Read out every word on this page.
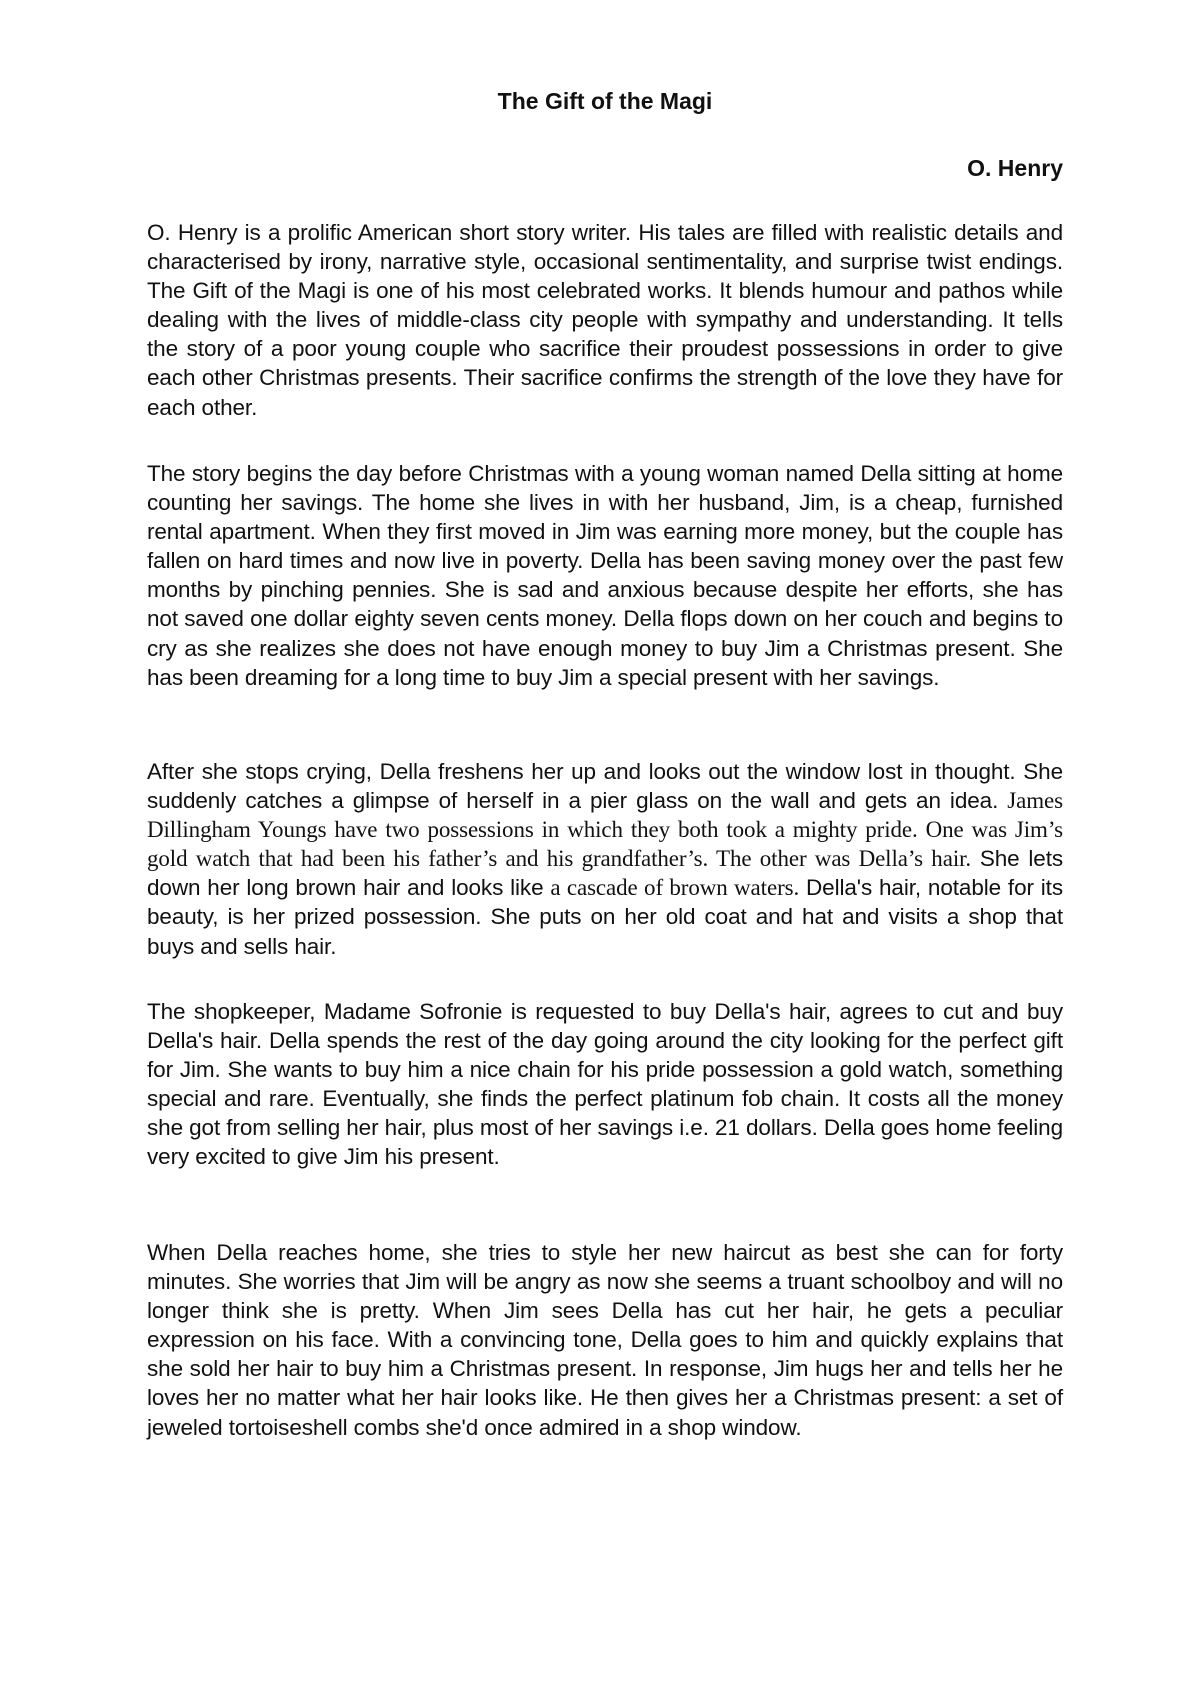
The Gift of the Magi
O. Henry

O. Henry is a prolific American short story writer. His tales are filled with realistic details and characterised by irony, narrative style, occasional sentimentality, and surprise twist endings. The Gift of the Magi is one of his most celebrated works. It blends humour and pathos while dealing with the lives of middle-class city people with sympathy and understanding. It tells the story of a poor young couple who sacrifice their proudest possessions in order to give each other Christmas presents. Their sacrifice confirms the strength of the love they have for each other.

The story begins the day before Christmas with a young woman named Della sitting at home counting her savings. The home she lives in with her husband, Jim, is a cheap, furnished rental apartment. When they first moved in Jim was earning more money, but the couple has fallen on hard times and now live in poverty. Della has been saving money over the past few months by pinching pennies. She is sad and anxious because despite her efforts, she has not saved one dollar eighty seven cents money. Della flops down on her couch and begins to cry as she realizes she does not have enough money to buy Jim a Christmas present. She has been dreaming for a long time to buy Jim a special present with her savings.

After she stops crying, Della freshens her up and looks out the window lost in thought. She suddenly catches a glimpse of herself in a pier glass on the wall and gets an idea. James Dillingham Youngs have two possessions in which they both took a mighty pride. One was Jim’s gold watch that had been his father’s and his grandfather’s. The other was Della’s hair. She lets down her long brown hair and looks like a cascade of brown waters. Della's hair, notable for its beauty, is her prized possession. She puts on her old coat and hat and visits a shop that buys and sells hair.

The shopkeeper, Madame Sofronie is requested to buy Della's hair, agrees to cut and buy Della's hair. Della spends the rest of the day going around the city looking for the perfect gift for Jim. She wants to buy him a nice chain for his pride possession a gold watch, something special and rare. Eventually, she finds the perfect platinum fob chain. It costs all the money she got from selling her hair, plus most of her savings i.e. 21 dollars. Della goes home feeling very excited to give Jim his present.

When Della reaches home, she tries to style her new haircut as best she can for forty minutes. She worries that Jim will be angry as now she seems a truant schoolboy and will no longer think she is pretty. When Jim sees Della has cut her hair, he gets a peculiar expression on his face. With a convincing tone, Della goes to him and quickly explains that she sold her hair to buy him a Christmas present. In response, Jim hugs her and tells her he loves her no matter what her hair looks like. He then gives her a Christmas present: a set of jeweled tortoiseshell combs she'd once admired in a shop window.
